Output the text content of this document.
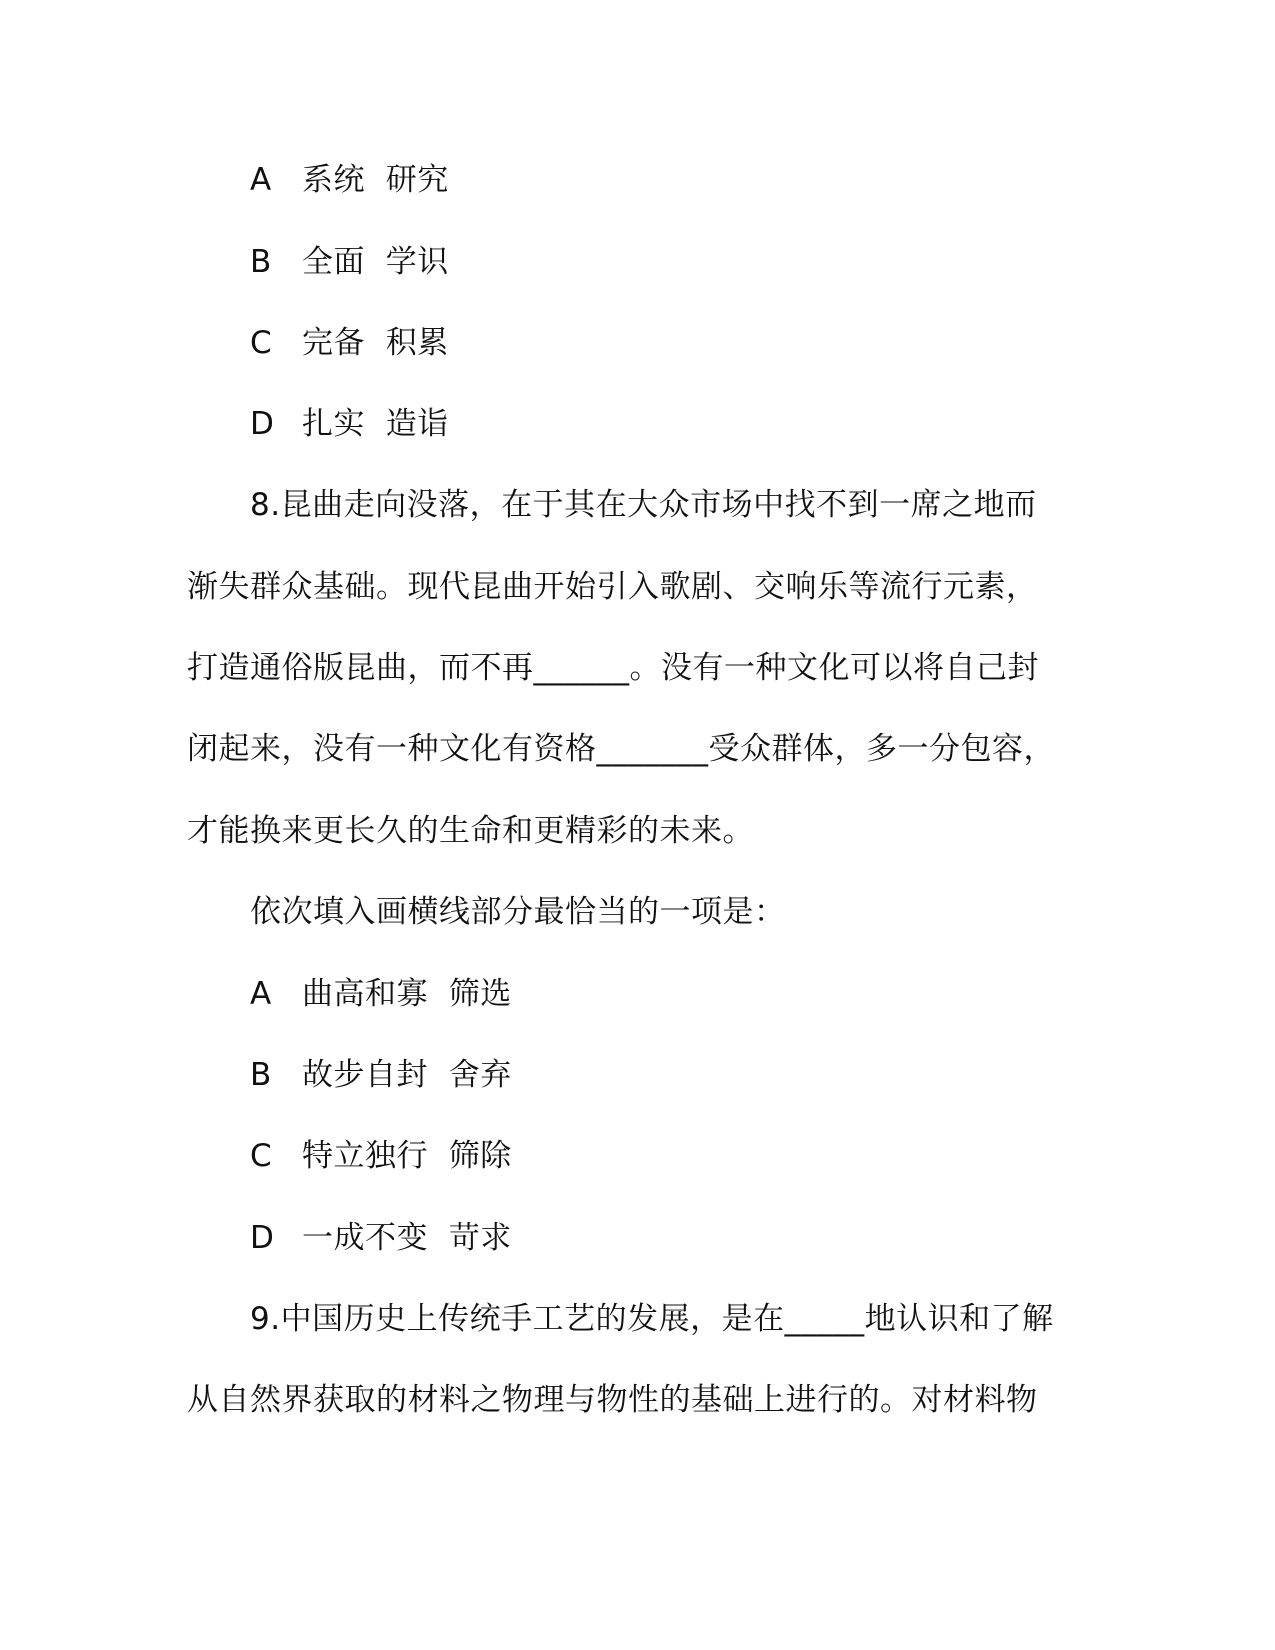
A 系统  研究
B 全面  学识
C 完备  积累
D 扎实  造诣
8.昆曲走向没落，在于其在大众市场中找不到一席之地而
渐失群众基础。现代昆曲开始引入歌剧、交响乐等流行元素，
打造通俗版昆曲，而不再______。没有一种文化可以将自己封
闭起来，没有一种文化有资格_______受众群体，多一分包容，
才能换来更长久的生命和更精彩的未来。
依次填入画横线部分最恰当的一项是：
A 曲高和寡  筛选
B 故步自封  舍弃
C 特立独行  筛除
D 一成不变  苛求
9.中国历史上传统手工艺的发展，是在_____地认识和了解
从自然界获取的材料之物理与物性的基础上进行的。对材料物
